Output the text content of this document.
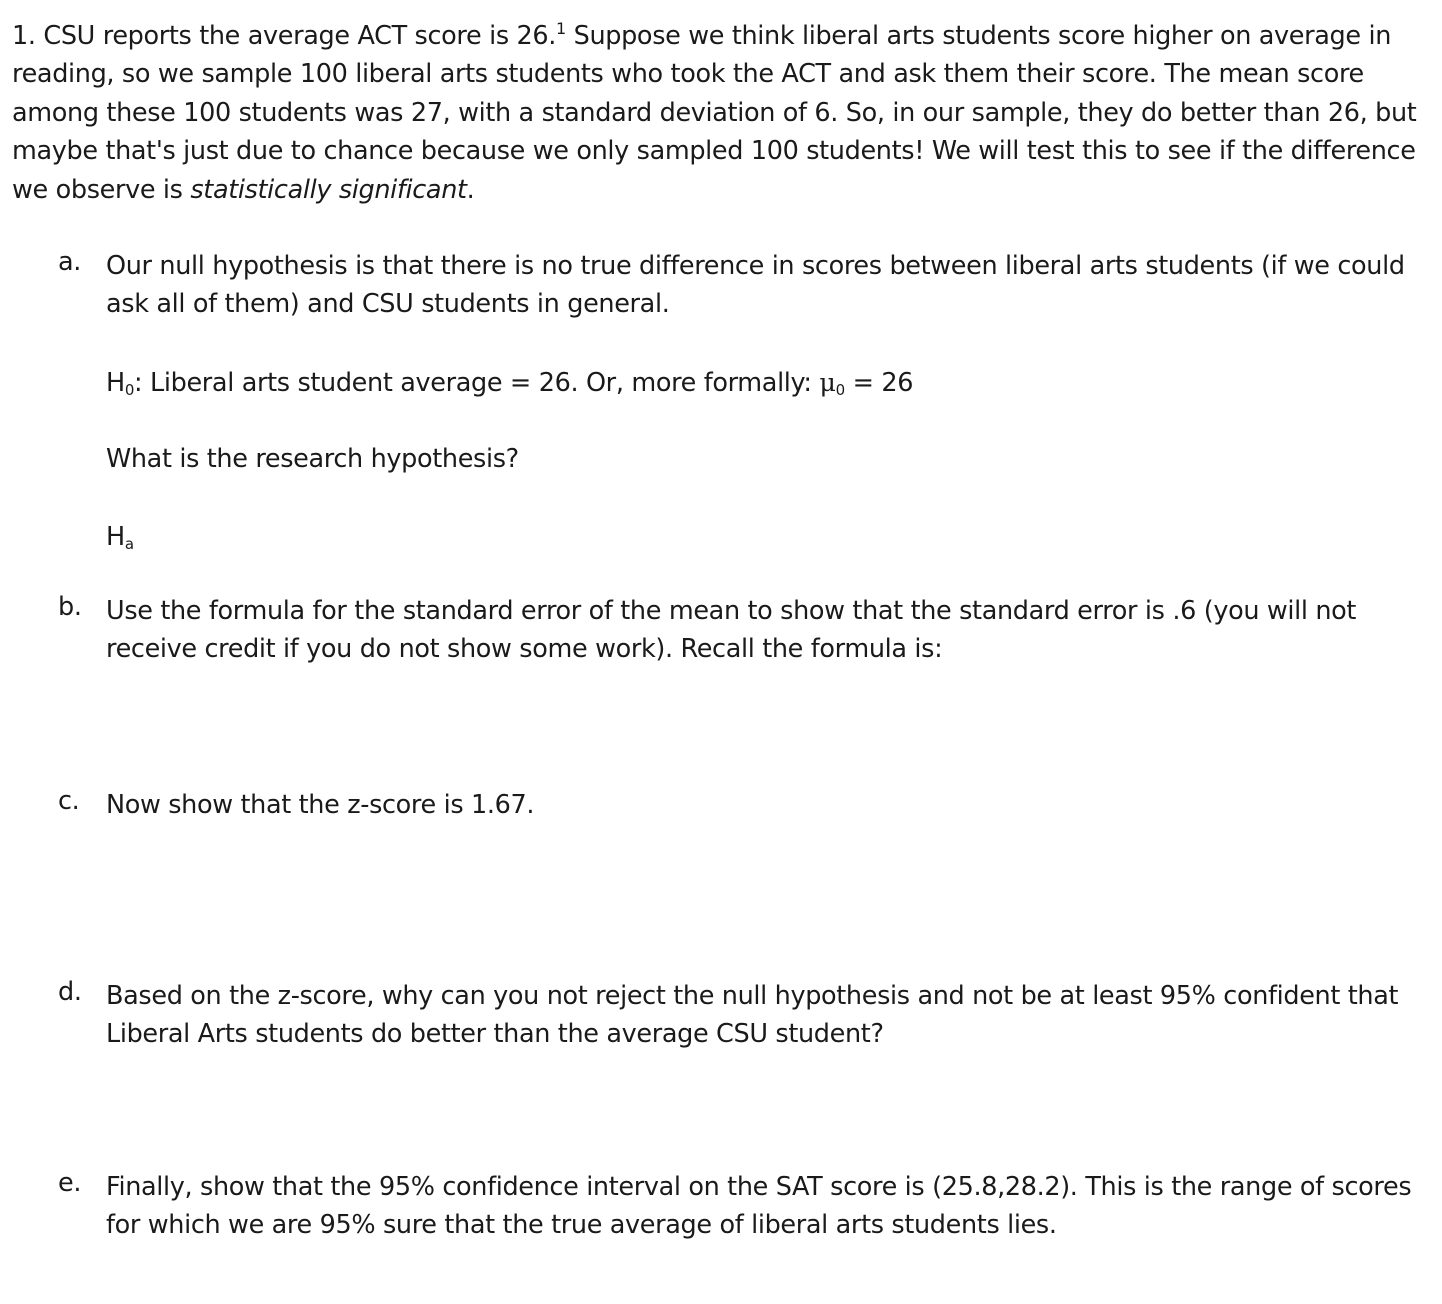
1. CSU reports the average ACT score is 26.$^1$ Suppose we think liberal arts students score higher on average in reading, so we sample 100 liberal arts students who took the ACT and ask them their score. The mean score among these 100 students was 27, with a standard deviation of 6. So, in our sample, they do better than 26, but maybe that's just due to chance because we only sampled 100 students! We will test this to see if the difference we observe is statistically significant.

a. Our null hypothesis is that there is no true difference in scores between liberal arts students (if we could ask all of them) and CSU students in general.

$H_0$: Liberal arts student average = 26. Or, more formally: $\mu_0 = 26$

What is the research hypothesis?

$H_a$

b. Use the formula for the standard error of the mean to show that the standard error is .6 (you will not receive credit if you do not show some work). Recall the formula is:

c. Now show that the z-score is 1.67.

d. Based on the z-score, why can you not reject the null hypothesis and not be at least 95% confident that Liberal Arts students do better than the average CSU student?

e. Finally, show that the 95% confidence interval on the SAT score is (25.8,28.2). This is the range of scores for which we are 95% sure that the true average of liberal arts students lies.
